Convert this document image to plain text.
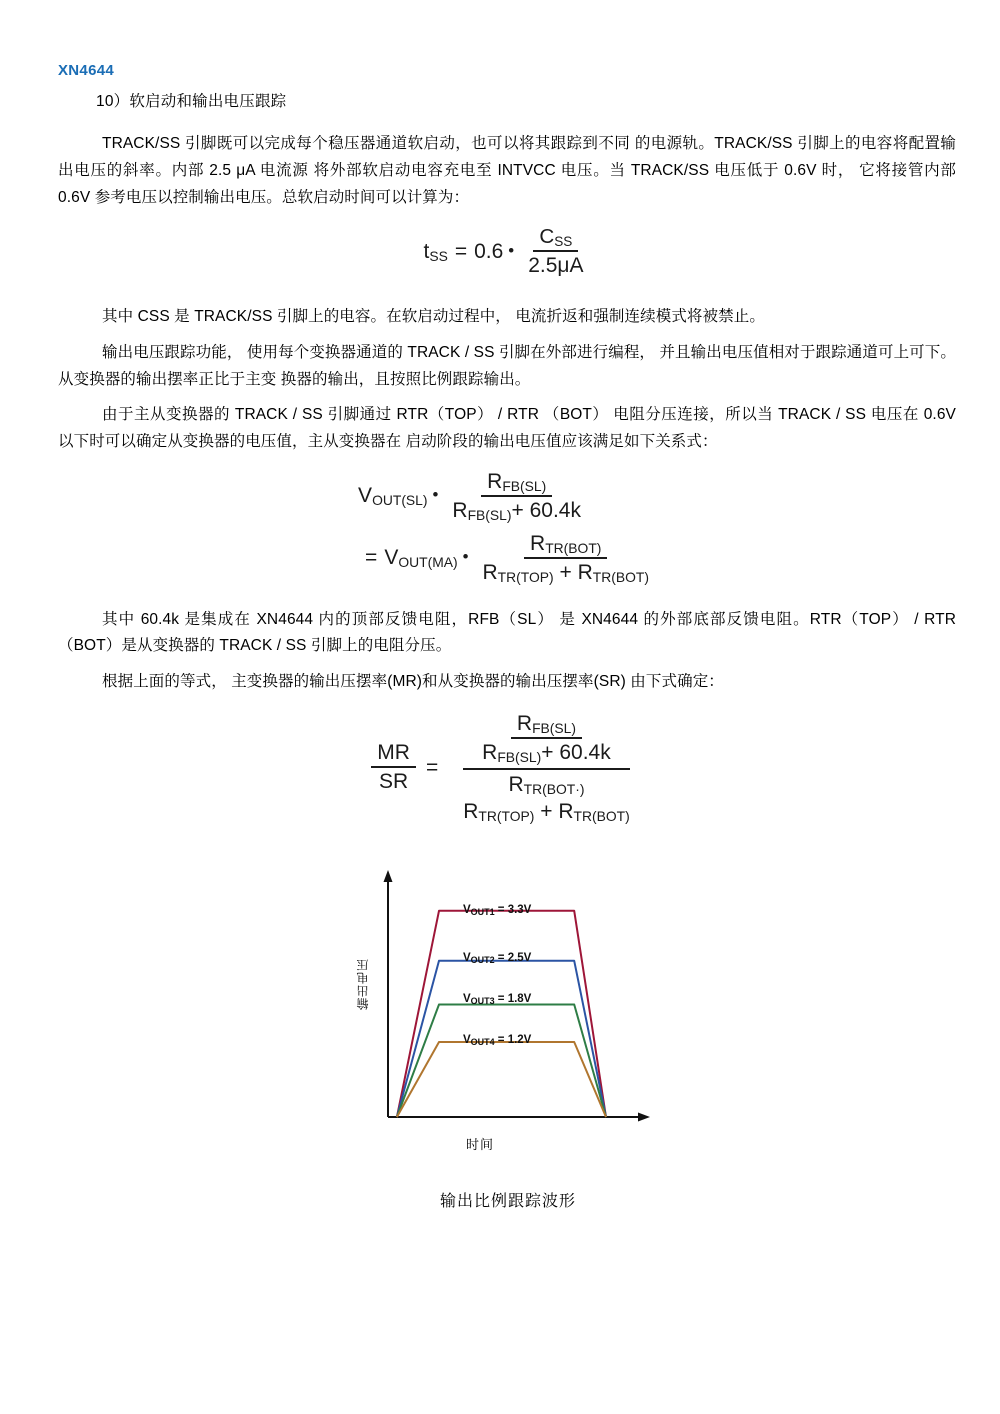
XN4644
10）软启动和输出电压跟踪

TRACK/SS 引脚既可以完成每个稳压器通道软启动，也可以将其跟踪到不同 的电源轨。TRACK/SS 引脚上的电容将配置输出电压的斜率。内部 2.5 μA 电流源 将外部软启动电容充电至 INTVCC 电压。当 TRACK/SS 电压低于 0.6V 时， 它将接管内部 0.6V 参考电压以控制输出电压。总软启动时间可以计算为：

$t_{SS} = 0.6$ • $\frac{C_{SS}}{2.5\mu A}$

其中 CSS 是 TRACK/SS 引脚上的电容。在软启动过程中， 电流折返和强制连续模式将被禁止。

输出电压跟踪功能， 使用每个变换器通道的 TRACK / SS 引脚在外部进行编程， 并且输出电压值相对于跟踪通道可上可下。从变换器的输出摆率正比于主变 换器的输出，且按照比例跟踪输出。

由于主从变换器的 TRACK / SS 引脚通过 RTR（TOP） / RTR （BOT） 电阻分压连接，所以当 TRACK / SS 电压在 0.6V 以下时可以确定从变换器的电压值，主从变换器在 启动阶段的输出电压值应该满足如下关系式：

$V_{OUT(SL)}$ • $\frac{R_{FB(SL)}}{R_{FB(SL)}+ 60.4k}$
= $V_{OUT(MA)}$ • $\frac{R_{TR(BOT)}}{R_{TR(TOP)} + R_{TR(BOT)}}$

其中 60.4k 是集成在 XN4644 内的顶部反馈电阻，RFB（SL） 是 XN4644 的外部底部反馈电阻。RTR（TOP） / RTR（BOT）是从变换器的 TRACK / SS 引脚上的电阻分压。

根据上面的等式， 主变换器的输出压摆率(MR)和从变换器的输出压摆率(SR) 由下式确定：

$\frac{MR}{SR}$ =
$\frac{R_{FB(SL)}}{R_{FB(SL)}+ 60.4k}$
$R_{TR(BOT\cdot)}$
$R_{TR(TOP)} + R_{TR(BOT)}$
输出电压
时间
$V_{OUT1} = 3.3V$
$V_{OUT2} = 2.5V$
$V_{OUT3} = 1.8V$
$V_{OUT4} = 1.2V$
输出比例跟踪波形
